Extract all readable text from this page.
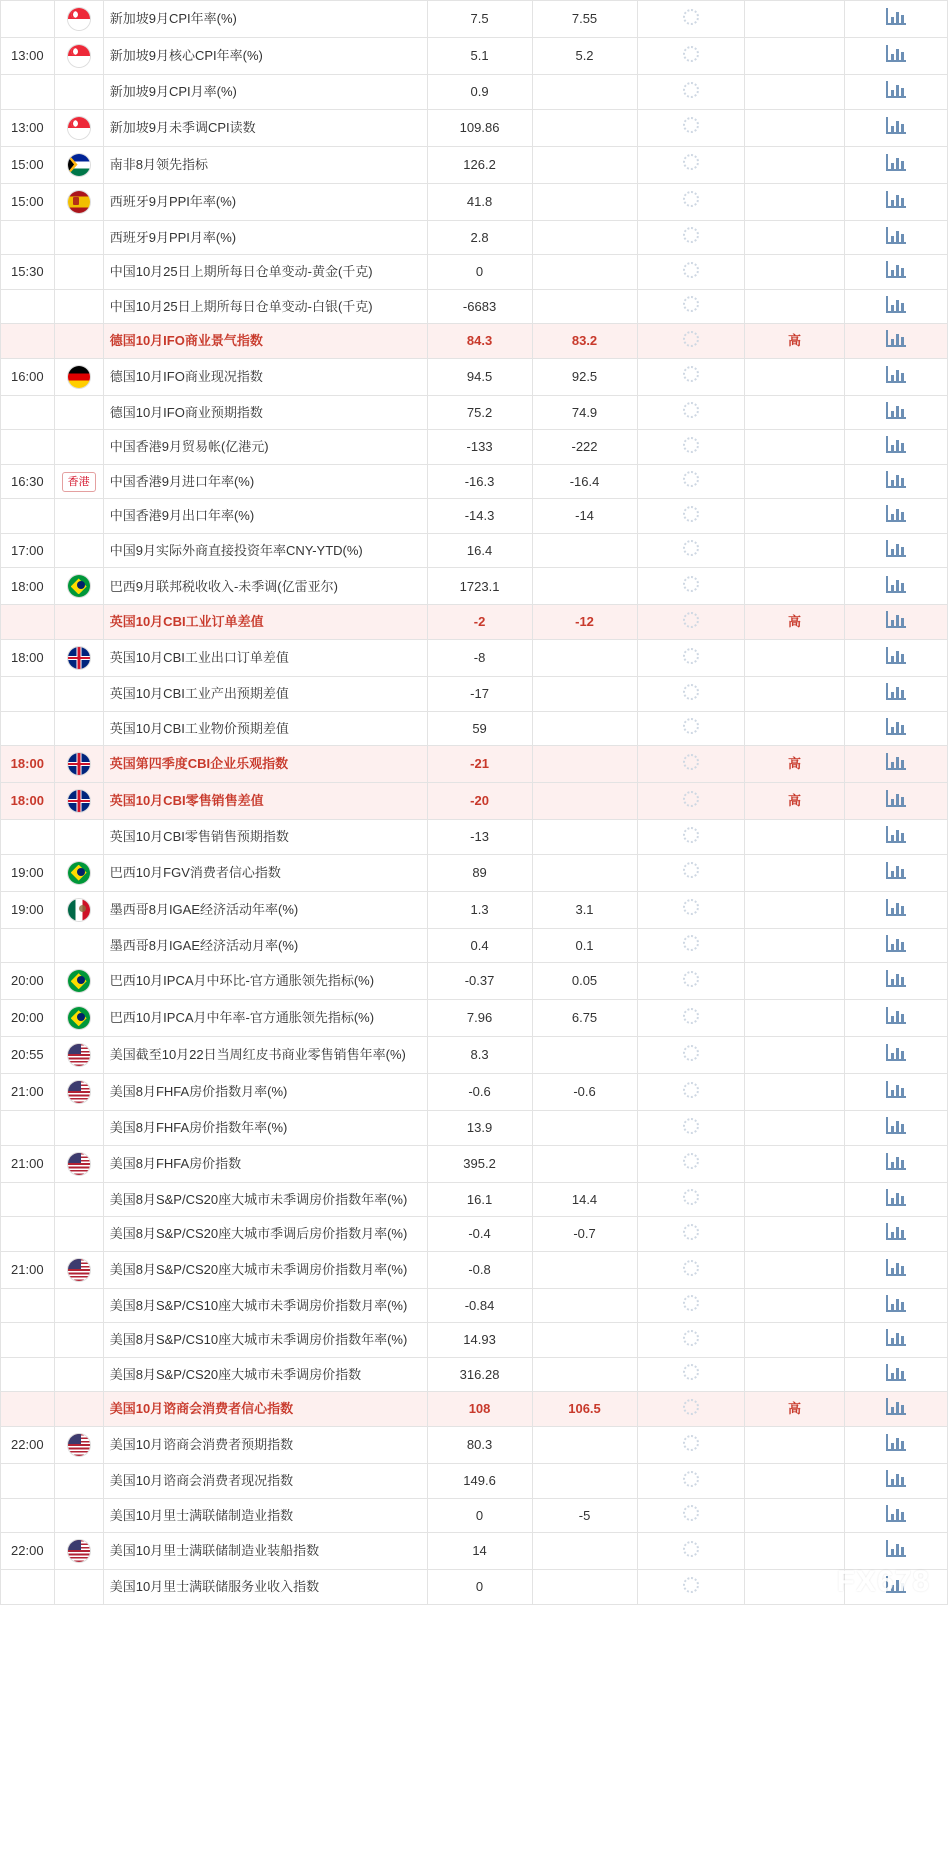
	新加坡9月CPI年率(%)	7.5	7.55			

13:00		新加坡9月核心CPI年率(%)	5.1	5.2			

		新加坡9月CPI月率(%)	0.9				

13:00		新加坡9月未季调CPI读数	109.86				

15:00		南非8月领先指标	126.2				

15:00		西班牙9月PPI年率(%)	41.8				

		西班牙9月PPI月率(%)	2.8				

15:30		中国10月25日上期所每日仓单变动-黄金(千克)	0				

		中国10月25日上期所每日仓单变动-白银(千克)	-6683				

		德国10月IFO商业景气指数	84.3	83.2		高	

16:00		德国10月IFO商业现况指数	94.5	92.5			

		德国10月IFO商业预期指数	75.2	74.9			

		中国香港9月贸易帐(亿港元)	-133	-222			

16:30	香港	中国香港9月进口年率(%)	-16.3	-16.4			

		中国香港9月出口年率(%)	-14.3	-14			

17:00		中国9月实际外商直接投资年率CNY-YTD(%)	16.4				

18:00		巴西9月联邦税收收入-未季调(亿雷亚尔)	1723.1				

		英国10月CBI工业订单差值	-2	-12		高	

18:00		英国10月CBI工业出口订单差值	-8				

		英国10月CBI工业产出预期差值	-17				

		英国10月CBI工业物价预期差值	59				

18:00		英国第四季度CBI企业乐观指数	-21			高	

18:00		英国10月CBI零售销售差值	-20			高	

		英国10月CBI零售销售预期指数	-13				

19:00		巴西10月FGV消费者信心指数	89				

19:00		墨西哥8月IGAE经济活动年率(%)	1.3	3.1			

		墨西哥8月IGAE经济活动月率(%)	0.4	0.1			

20:00		巴西10月IPCA月中环比-官方通胀领先指标(%)	-0.37	0.05			

20:00		巴西10月IPCA月中年率-官方通胀领先指标(%)	7.96	6.75			

20:55		美国截至10月22日当周红皮书商业零售销售年率(%)	8.3				

21:00		美国8月FHFA房价指数月率(%)	-0.6	-0.6			

		美国8月FHFA房价指数年率(%)	13.9				

21:00		美国8月FHFA房价指数	395.2				

		美国8月S&P/CS20座大城市未季调房价指数年率(%)	16.1	14.4			

		美国8月S&P/CS20座大城市季调后房价指数月率(%)	-0.4	-0.7			

21:00		美国8月S&P/CS20座大城市未季调房价指数月率(%)	-0.8				

		美国8月S&P/CS10座大城市未季调房价指数月率(%)	-0.84				

		美国8月S&P/CS10座大城市未季调房价指数年率(%)	14.93				

		美国8月S&P/CS20座大城市未季调房价指数	316.28				

		美国10月谘商会消费者信心指数	108	106.5		高	

22:00		美国10月谘商会消费者预期指数	80.3				

		美国10月谘商会消费者现况指数	149.6				

		美国10月里士满联储制造业指数	0	-5			

22:00		美国10月里士满联储制造业装船指数	14				

		美国10月里士满联储服务业收入指数	0					FX678
